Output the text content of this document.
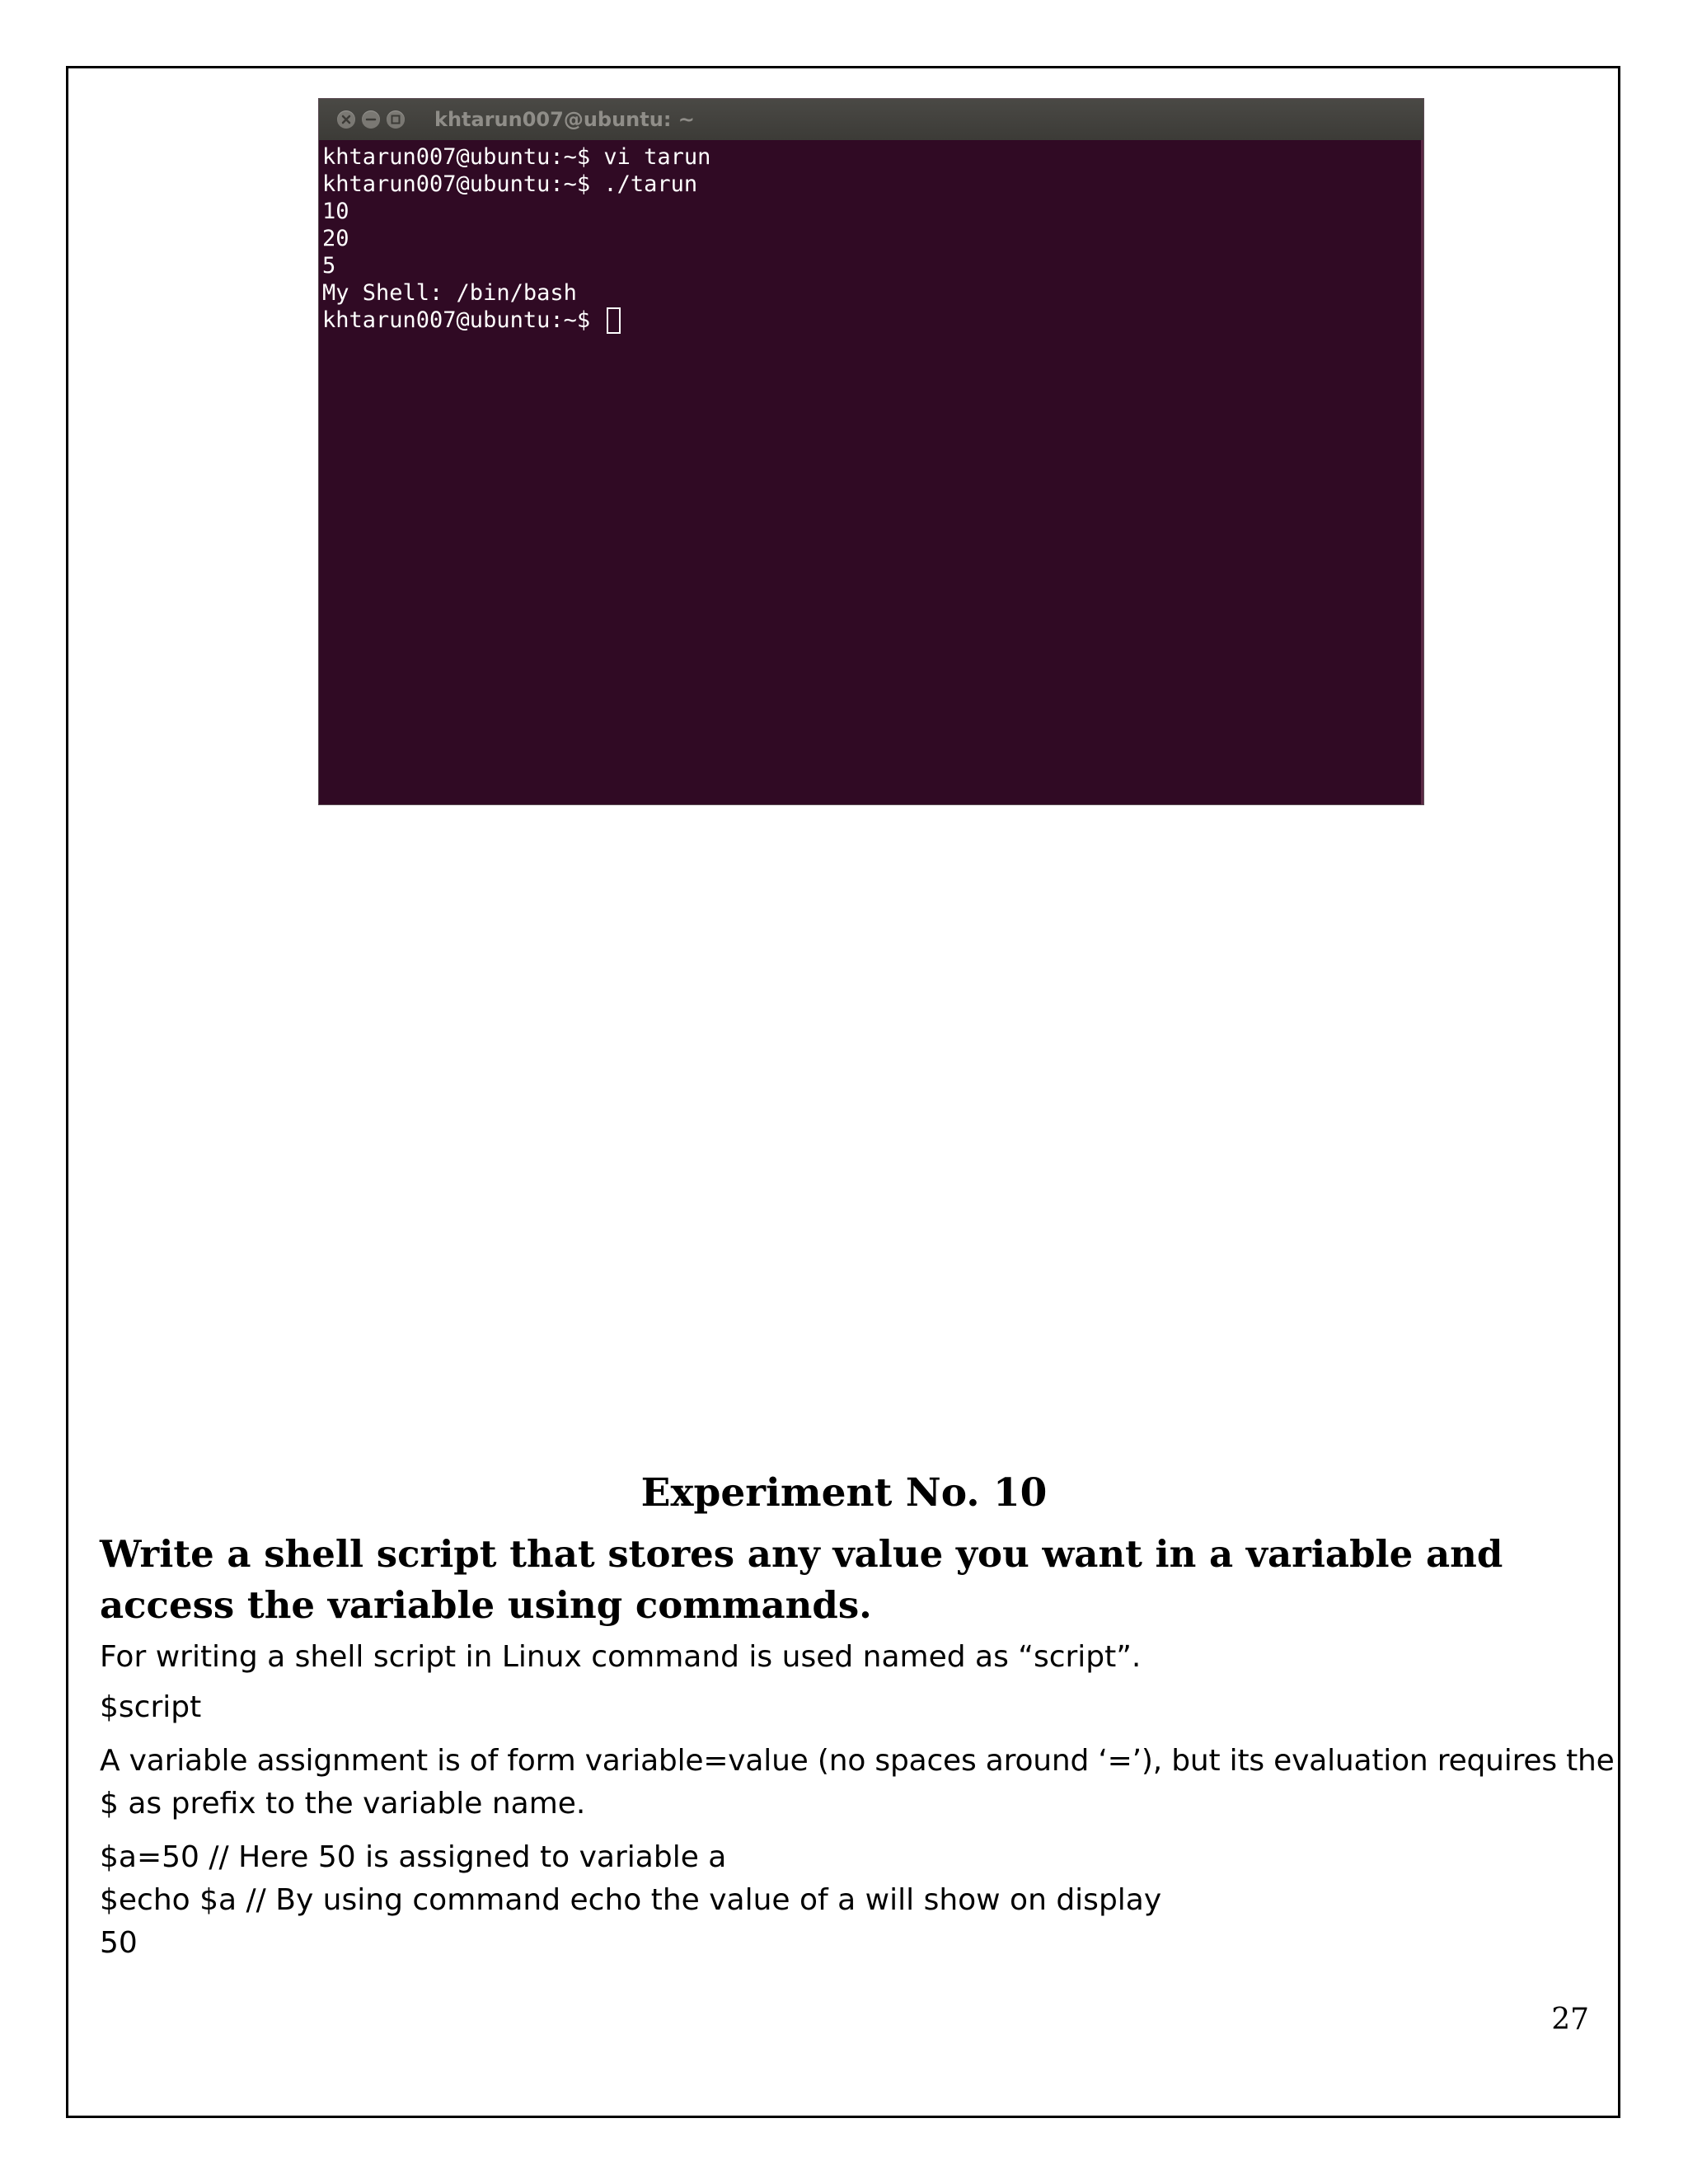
khtarun007@ubuntu: ~
khtarun007@ubuntu:~$ vi tarun
khtarun007@ubuntu:~$ ./tarun
10
20
5
My Shell: /bin/bash
khtarun007@ubuntu:~$
Experiment No. 10

Write a shell script that stores any value you want in a variable and access the variable using commands.

For writing a shell script in Linux command is used named as “script”.

$script

A variable assignment is of form variable=value (no spaces around ‘=’), but its evaluation requires the

$ as prefix to the variable name.

$a=50 // Here 50 is assigned to variable a

$echo $a // By using command echo the value of a will show on display

50

27
